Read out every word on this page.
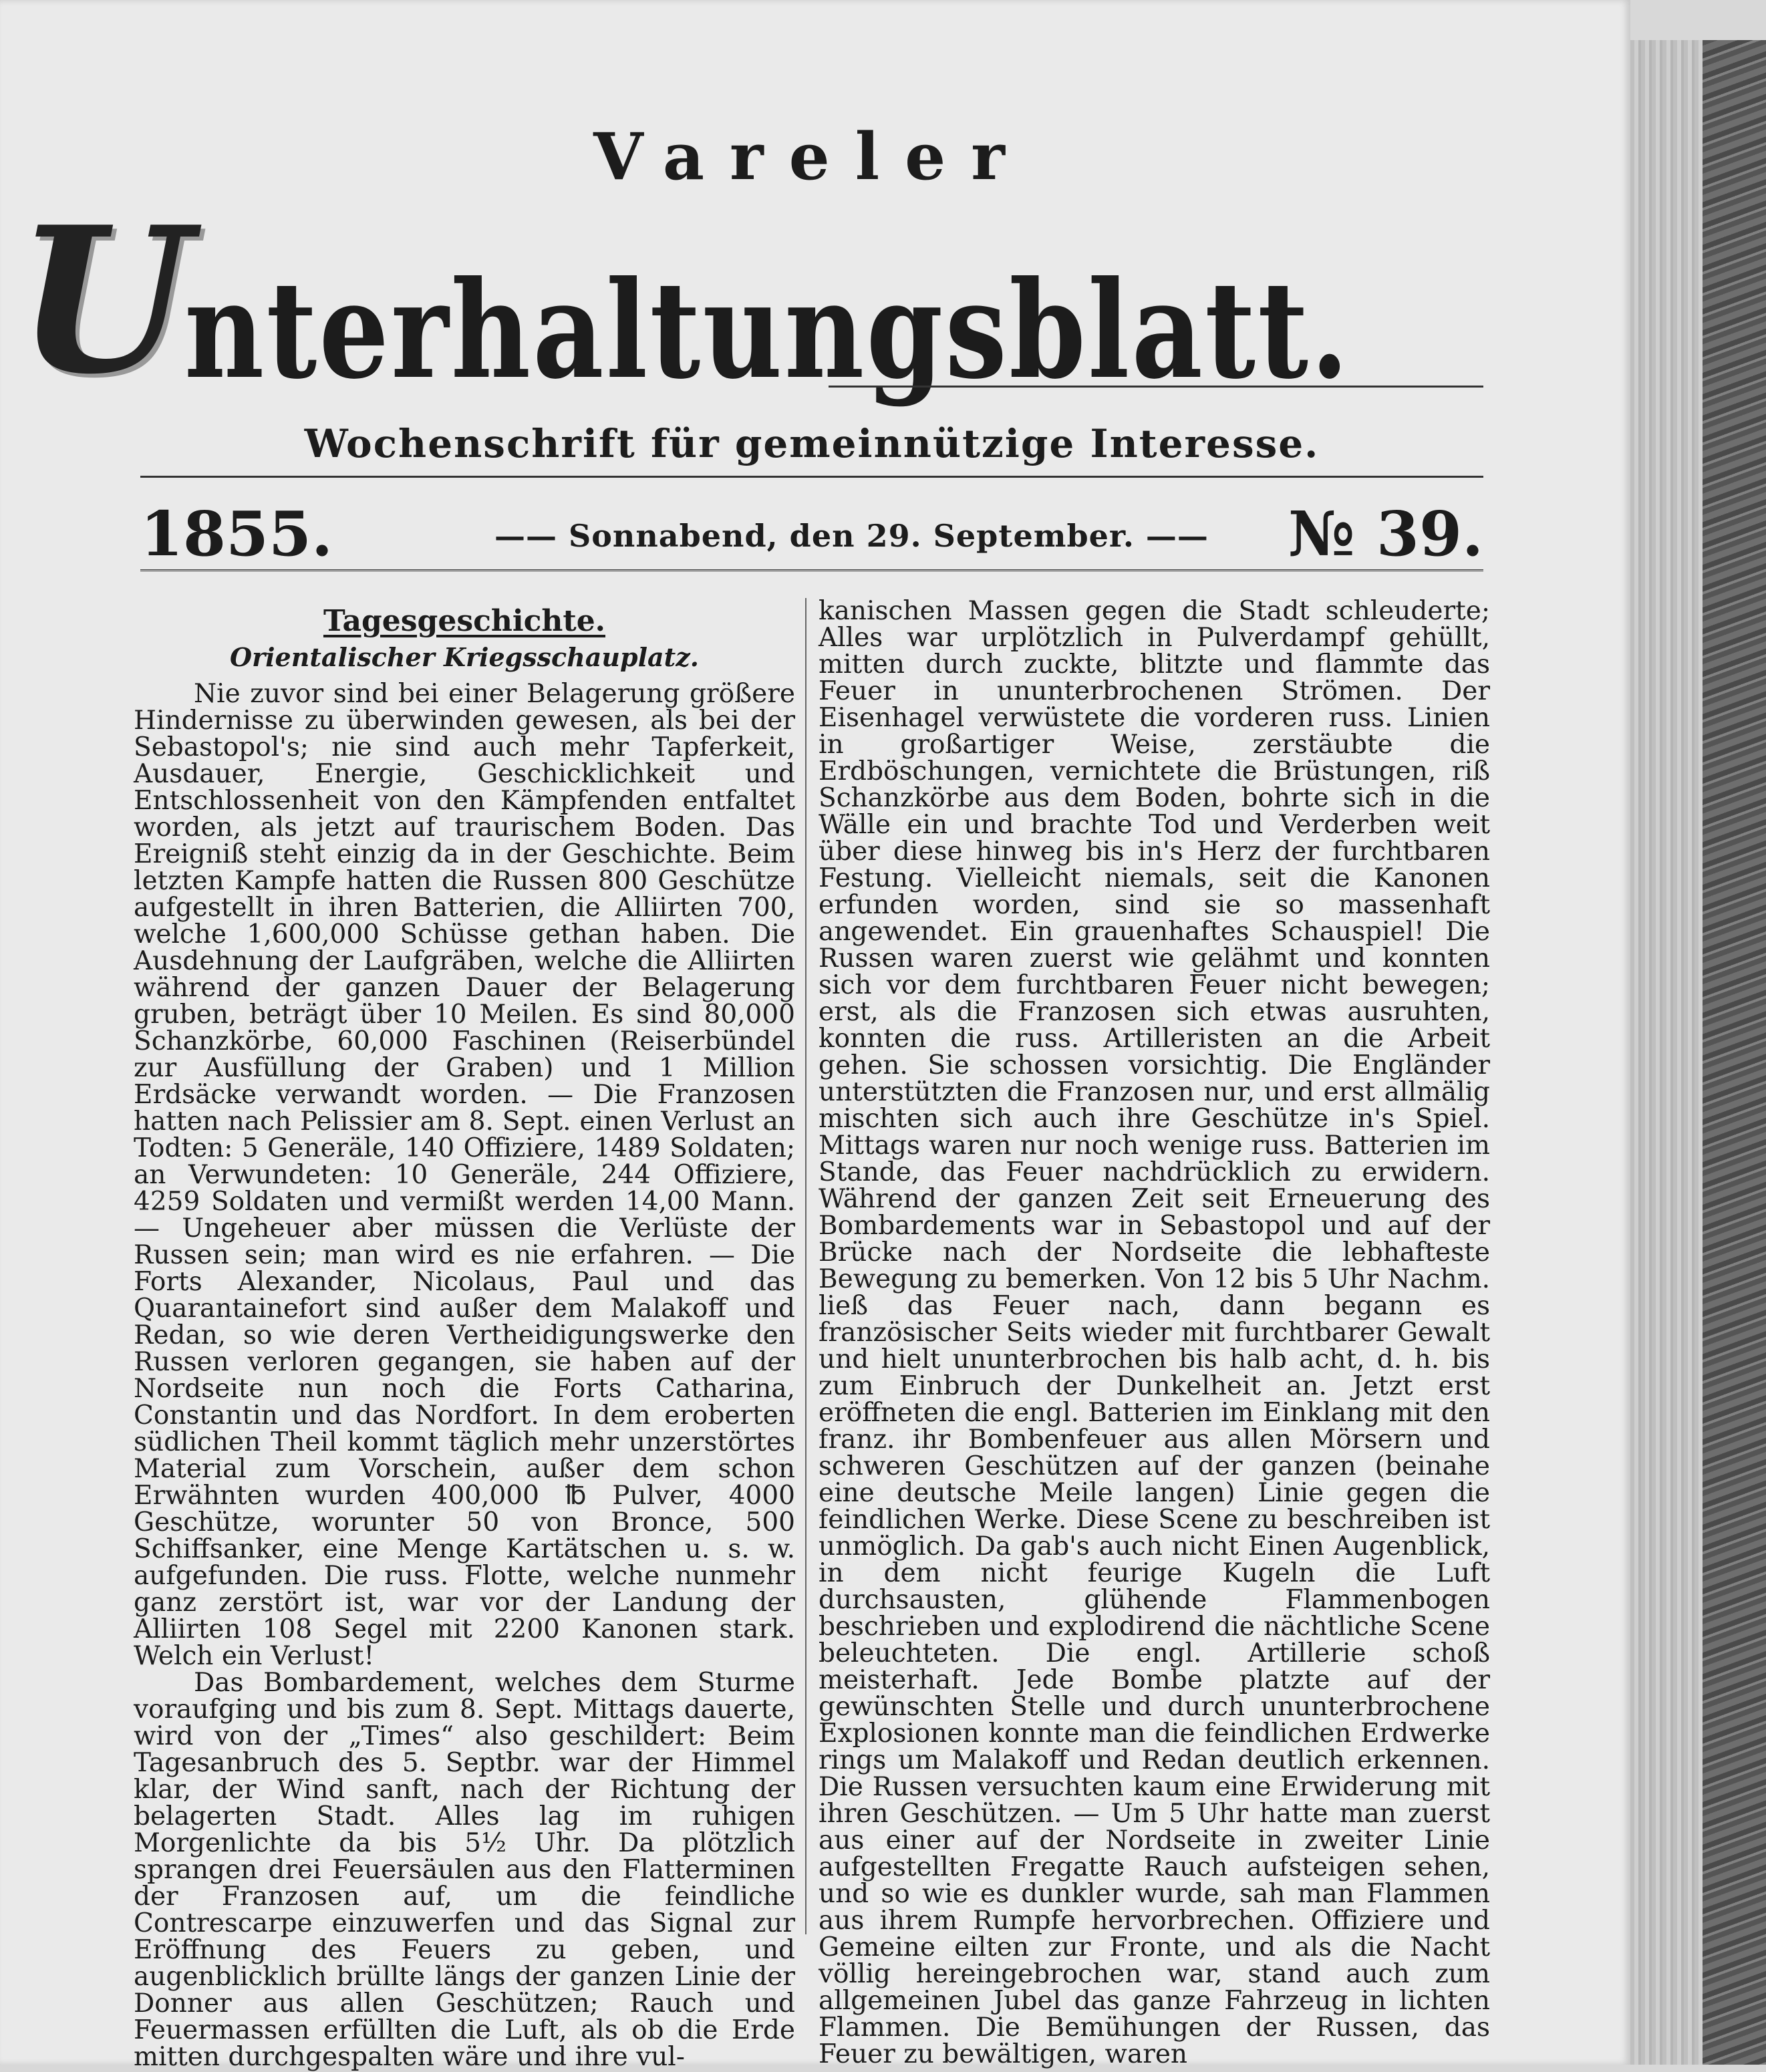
Vareler
U
nterhaltungsblatt.
Wochenschrift für gemeinnützige Interesse.
1855.	—— Sonnabend, den 29. September. —— № 39.
Tagesgeschichte.
Orientalischer Kriegsschauplatz.

Nie zuvor sind bei einer Belagerung größere Hindernisse zu überwinden gewesen, als bei der Sebastopol's; nie sind auch mehr Tapferkeit, Ausdauer, Energie, Geschicklichkeit und Entschlossenheit von den Kämpfenden entfaltet worden, als jetzt auf traurischem Boden. Das Ereigniß steht einzig da in der Geschichte. Beim letzten Kampfe hatten die Russen 800 Geschütze aufgestellt in ihren Batterien, die Alliirten 700, welche 1,600,000 Schüsse gethan haben. Die Ausdehnung der Laufgräben, welche die Alliirten während der ganzen Dauer der Belagerung gruben, beträgt über 10 Meilen. Es sind 80,000 Schanzkörbe, 60,000 Faschinen (Reiserbündel zur Ausfüllung der Graben) und 1 Million Erdsäcke verwandt worden. — Die Franzosen hatten nach Pelissier am 8. Sept. einen Verlust an Todten: 5 Generäle, 140 Offiziere, 1489 Soldaten; an Verwundeten: 10 Generäle, 244 Offiziere, 4259 Soldaten und vermißt werden 14,00 Mann. — Ungeheuer aber müssen die Verlüste der Russen sein; man wird es nie erfahren. — Die Forts Alexander, Nicolaus, Paul und das Quarantainefort sind außer dem Malakoff und Redan, so wie deren Vertheidigungswerke den Russen verloren gegangen, sie haben auf der Nordseite nun noch die Forts Catharina, Constantin und das Nordfort. In dem eroberten südlichen Theil kommt täglich mehr unzerstörtes Material zum Vorschein, außer dem schon Erwähnten wurden 400,000 ℔ Pulver, 4000 Geschütze, worunter 50 von Bronce, 500 Schiffsanker, eine Menge Kartätschen u. s. w. aufgefunden. Die russ. Flotte, welche nunmehr ganz zerstört ist, war vor der Landung der Alliirten 108 Segel mit 2200 Kanonen stark. Welch ein Verlust!

Das Bombardement, welches dem Sturme voraufging und bis zum 8. Sept. Mittags dauerte, wird von der „Times“ also geschildert: Beim Tagesanbruch des 5. Septbr. war der Himmel klar, der Wind sanft, nach der Richtung der belagerten Stadt. Alles lag im ruhigen Morgenlichte da bis 5½ Uhr. Da plötzlich sprangen drei Feuersäulen aus den Flatterminen der Franzosen auf, um die feindliche Contrescarpe einzuwerfen und das Signal zur Eröffnung des Feuers zu geben, und augenblicklich brüllte längs der ganzen Linie der Donner aus allen Geschützen; Rauch und Feuermassen erfüllten die Luft, als ob die Erde mitten durchgespalten wäre und ihre vul-

kanischen Massen gegen die Stadt schleuderte; Alles war urplötzlich in Pulverdampf gehüllt, mitten durch zuckte, blitzte und flammte das Feuer in ununterbrochenen Strömen. Der Eisenhagel verwüstete die vorderen russ. Linien in großartiger Weise, zerstäubte die Erdböschungen, vernichtete die Brüstungen, riß Schanzkörbe aus dem Boden, bohrte sich in die Wälle ein und brachte Tod und Verderben weit über diese hinweg bis in's Herz der furchtbaren Festung. Vielleicht niemals, seit die Kanonen erfunden worden, sind sie so massenhaft angewendet. Ein grauenhaftes Schauspiel! Die Russen waren zuerst wie gelähmt und konnten sich vor dem furchtbaren Feuer nicht bewegen; erst, als die Franzosen sich etwas ausruhten, konnten die russ. Artilleristen an die Arbeit gehen. Sie schossen vorsichtig. Die Engländer unterstützten die Franzosen nur, und erst allmälig mischten sich auch ihre Geschütze in's Spiel. Mittags waren nur noch wenige russ. Batterien im Stande, das Feuer nachdrücklich zu erwidern. Während der ganzen Zeit seit Erneuerung des Bombardements war in Sebastopol und auf der Brücke nach der Nordseite die lebhafteste Bewegung zu bemerken. Von 12 bis 5 Uhr Nachm. ließ das Feuer nach, dann begann es französischer Seits wieder mit furchtbarer Gewalt und hielt ununterbrochen bis halb acht, d. h. bis zum Einbruch der Dunkelheit an. Jetzt erst eröffneten die engl. Batterien im Einklang mit den franz. ihr Bombenfeuer aus allen Mörsern und schweren Geschützen auf der ganzen (beinahe eine deutsche Meile langen) Linie gegen die feindlichen Werke. Diese Scene zu beschreiben ist unmöglich. Da gab's auch nicht Einen Augenblick, in dem nicht feurige Kugeln die Luft durchsausten, glühende Flammenbogen beschrieben und explodirend die nächtliche Scene beleuchteten. Die engl. Artillerie schoß meisterhaft. Jede Bombe platzte auf der gewünschten Stelle und durch ununterbrochene Explosionen konnte man die feindlichen Erdwerke rings um Malakoff und Redan deutlich erkennen. Die Russen versuchten kaum eine Erwiderung mit ihren Geschützen. — Um 5 Uhr hatte man zuerst aus einer auf der Nordseite in zweiter Linie aufgestellten Fregatte Rauch aufsteigen sehen, und so wie es dunkler wurde, sah man Flammen aus ihrem Rumpfe hervorbrechen. Offiziere und Gemeine eilten zur Fronte, und als die Nacht völlig hereingebrochen war, stand auch zum allgemeinen Jubel das ganze Fahrzeug in lichten Flammen. Die Bemühungen der Russen, das Feuer zu bewältigen, waren
